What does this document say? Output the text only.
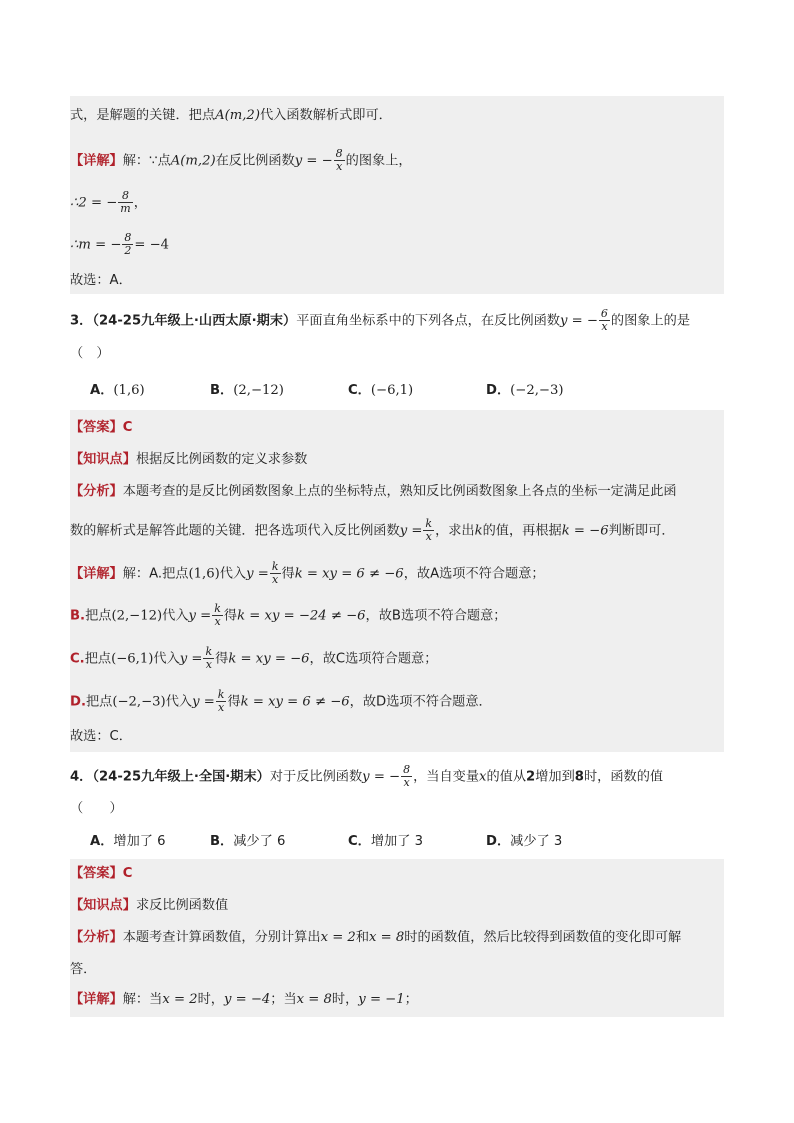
式，是解题的关键．把点A(m,2)代入函数解析式即可．
【详解】解：∵点A(m,2)在反比例函数y = − $\frac{8}{x}$ 的图象上，
∴2 = − $\frac{8}{m}$ ，
∴m = − $\frac{8}{2} = -4$
故选：A．
3．（24-25九年级上·山西太原·期末）平面直角坐标系中的下列各点，在反比例函数y = − $\frac{6}{x}$ 的图象上的是
（　）
A．(1,6)	B．(2,−12)	C．(−6,1)	D．(−2,−3)
【答案】C
【知识点】根据反比例函数的定义求参数
【分析】本题考查的是反比例函数图象上点的坐标特点，熟知反比例函数图象上各点的坐标一定满足此函
数的解析式是解答此题的关键．把各选项代入反比例函数$y = \frac{k}{x}$ ，求出k的值，再根据k = −6判断即可．
【详解】解：A.把点(1,6)代入$y = \frac{k}{x}$ 得k = xy = 6 ≠ −6，故A选项不符合题意；
B.把点(2,−12)代入$y = \frac{k}{x}$ 得k = xy = −24 ≠ −6，故B选项不符合题意；
C.把点(−6,1)代入$y = \frac{k}{x}$ 得k = xy = −6，故C选项符合题意；
D.把点(−2,−3)代入$y = \frac{k}{x}$ 得k = xy = 6 ≠ −6，故D选项不符合题意．
故选：C．
4．（24-25九年级上·全国·期末）对于反比例函数y = − $\frac{8}{x}$ ，当自变量x的值从2增加到8时，函数的值
（　　）
A．增加了 6	B．减少了 6	C．增加了 3	D．减少了 3
【答案】C
【知识点】求反比例函数值
【分析】本题考查计算函数值，分别计算出x = 2和x = 8时的函数值，然后比较得到函数值的变化即可解
答．
【详解】解：当x = 2时，y = −4；当x = 8时，y = −1；
